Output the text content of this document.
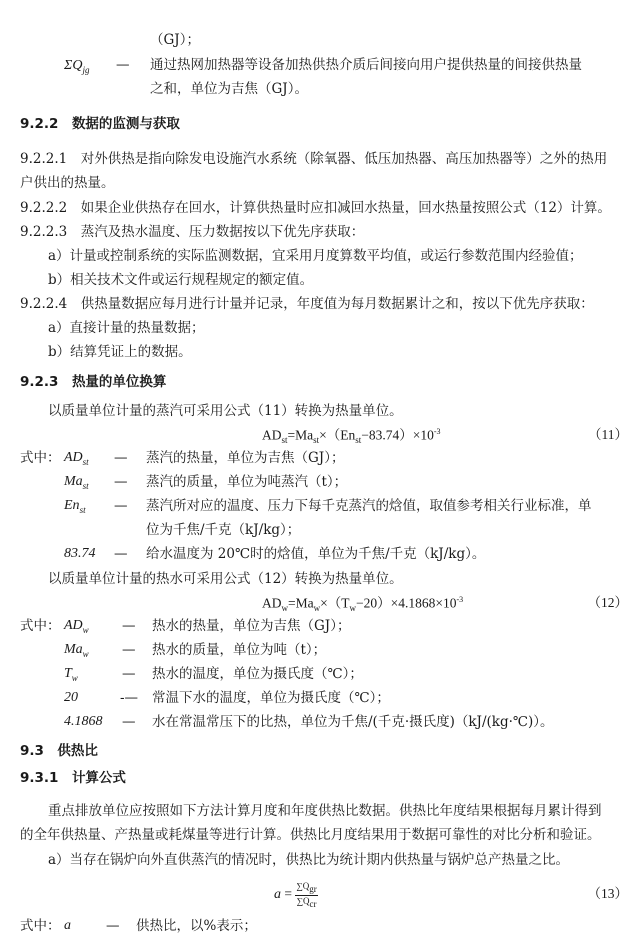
（GJ）；
$\Sigma Q_{jg}$ — 通过热网加热器等设备加热供热介质后间接向用户提供热量的间接供热量
之和，单位为吉焦（GJ）。
9.2.2　 数据的监测与获取
9.2.2.1　对外供热是指向除发电设施汽水系统（除氧器、低压加热器、高压加热器等）之外的热用
户供出的热量。
9.2.2.2　如果企业供热存在回水，计算供热量时应扣减回水热量，回水热量按照公式（12）计算。
9.2.2.3　蒸汽及热水温度、压力数据按以下优先序获取：
a）计量或控制系统的实际监测数据，宜采用月度算数平均值，或运行参数范围内经验值；
b）相关技术文件或运行规程规定的额定值。
9.2.2.4　供热量数据应每月进行计量并记录，年度值为每月数据累计之和，按以下优先序获取：
a）直接计量的热量数据；
b）结算凭证上的数据。
9.2.3　 热量的单位换算
以质量单位计量的蒸汽可采用公式（11）转换为热量单位。
$AD_{st}=Ma_{st}\times(En_{st}-83.74)\times 10^{-3}$	（11）
式中： $AD_{st}$ — 蒸汽的热量，单位为吉焦（GJ）；
$Ma_{st}$ — 蒸汽的质量，单位为吨蒸汽（t）；
$En_{st}$ — 蒸汽所对应的温度、压力下每千克蒸汽的焓值，取值参考相关行业标准，单
位为千焦/千克（kJ/kg）；
83.74 — 给水温度为 20℃时的焓值，单位为千焦/千克（kJ/kg）。
以质量单位计量的热水可采用公式（12）转换为热量单位。
$AD_w=Ma_w\times(T_w-20)\times 4.1868\times 10^{-3}$	（12）
式中： $AD_w$ — 热水的热量，单位为吉焦（GJ）；
$Ma_w$ — 热水的质量，单位为吨（t）；
$T_w$	— 热水的温度，单位为摄氏度（℃）；
20	-— 常温下水的温度，单位为摄氏度（℃）；
4.1868 — 水在常温常压下的比热，单位为千焦/(千克·摄氏度)（kJ/(kg·℃)）。
9.3　 供热比
9.3.1　 计算公式
重点排放单位应按照如下方法计算月度和年度供热比数据。供热比年度结果根据每月累计得到
的全年供热量、产热量或耗煤量等进行计算。供热比月度结果用于数据可靠性的对比分析和验证。
a）当存在锅炉向外直供蒸汽的情况时，供热比为统计期内供热量与锅炉总产热量之比。
$a = \frac{\sum Q_{gr}}{\sum Q_{cr}}$	（13）
式中： a	— 供热比，以%表示；
